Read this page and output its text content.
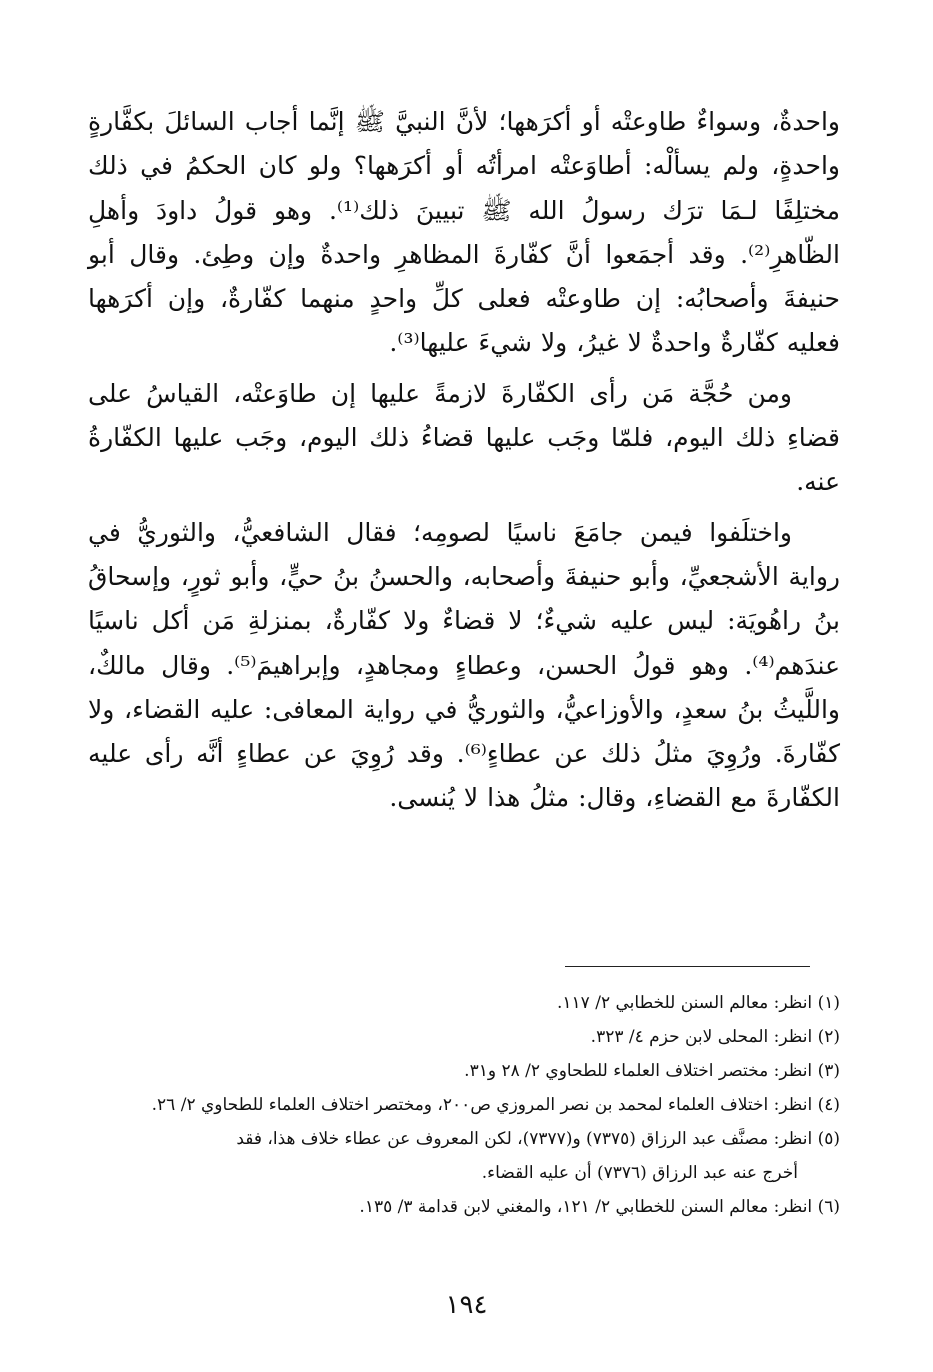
واحدةٌ، وسواءٌ طاوعتْه أو أكرَهها؛ لأنَّ النبيَّ ﷺ إنَّما أجاب السائلَ بكفَّارةٍ واحدةٍ، ولم يسألْه: أطاوَعتْه امرأتُه أو أكرَهها؟ ولو كان الحكمُ في ذلك مختلِفًا لـمَا ترَك رسولُ الله ﷺ تبيينَ ذلك⁽¹⁾. وهو قولُ داودَ وأهلِ الظّاهرِ⁽²⁾. وقد أجمَعوا أنَّ كفّارةَ المظاهرِ واحدةٌ وإن وطِئ. وقال أبو حنيفةَ وأصحابُه: إن طاوعتْه فعلى كلِّ واحدٍ منهما كفّارةٌ، وإن أكرَهها فعليه كفّارةٌ واحدةٌ لا غيرُ، ولا شيءَ عليها⁽³⁾.

ومن حُجَّة مَن رأى الكفّارةَ لازمةً عليها إن طاوَعتْه، القياسُ على قضاءِ ذلك اليوم، فلمّا وجَب عليها قضاءُ ذلك اليوم، وجَب عليها الكفّارةُ عنه.

واختلَفوا فيمن جامَعَ ناسيًا لصومِه؛ فقال الشافعيُّ، والثوريُّ في رواية الأشجعيِّ، وأبو حنيفةَ وأصحابه، والحسنُ بنُ حيٍّ، وأبو ثورٍ، وإسحاقُ بنُ راهُويَة: ليس عليه شيءٌ؛ لا قضاءٌ ولا كفّارةٌ، بمنزلةِ مَن أكل ناسيًا عندَهم⁽⁴⁾. وهو قولُ الحسن، وعطاءٍ ومجاهدٍ، وإبراهيمَ⁽⁵⁾. وقال مالكٌ، واللَّيثُ بنُ سعدٍ، والأوزاعيُّ، والثوريُّ في رواية المعافى: عليه القضاء، ولا كفّارةَ. ورُوِيَ مثلُ ذلك عن عطاءٍ⁽⁶⁾. وقد رُوِيَ عن عطاءٍ أنَّه رأى عليه الكفّارةَ مع القضاءِ، وقال: مثلُ هذا لا يُنسى.

(١) انظر: معالم السنن للخطابي ٢/ ١١٧.

(٢) انظر: المحلى لابن حزم ٤/ ٣٢٣.

(٣) انظر: مختصر اختلاف العلماء للطحاوي ٢/ ٢٨ و٣١.

(٤) انظر: اختلاف العلماء لمحمد بن نصر المروزي ص٢٠٠، ومختصر اختلاف العلماء للطحاوي ٢/ ٢٦.

(٥) انظر: مصنَّف عبد الرزاق (٧٣٧٥) و(٧٣٧٧)، لكن المعروف عن عطاء خلاف هذا، فقد
أخرج عنه عبد الرزاق (٧٣٧٦) أن عليه القضاء.

(٦) انظر: معالم السنن للخطابي ٢/ ١٢١، والمغني لابن قدامة ٣/ ١٣٥.

١٩٤
